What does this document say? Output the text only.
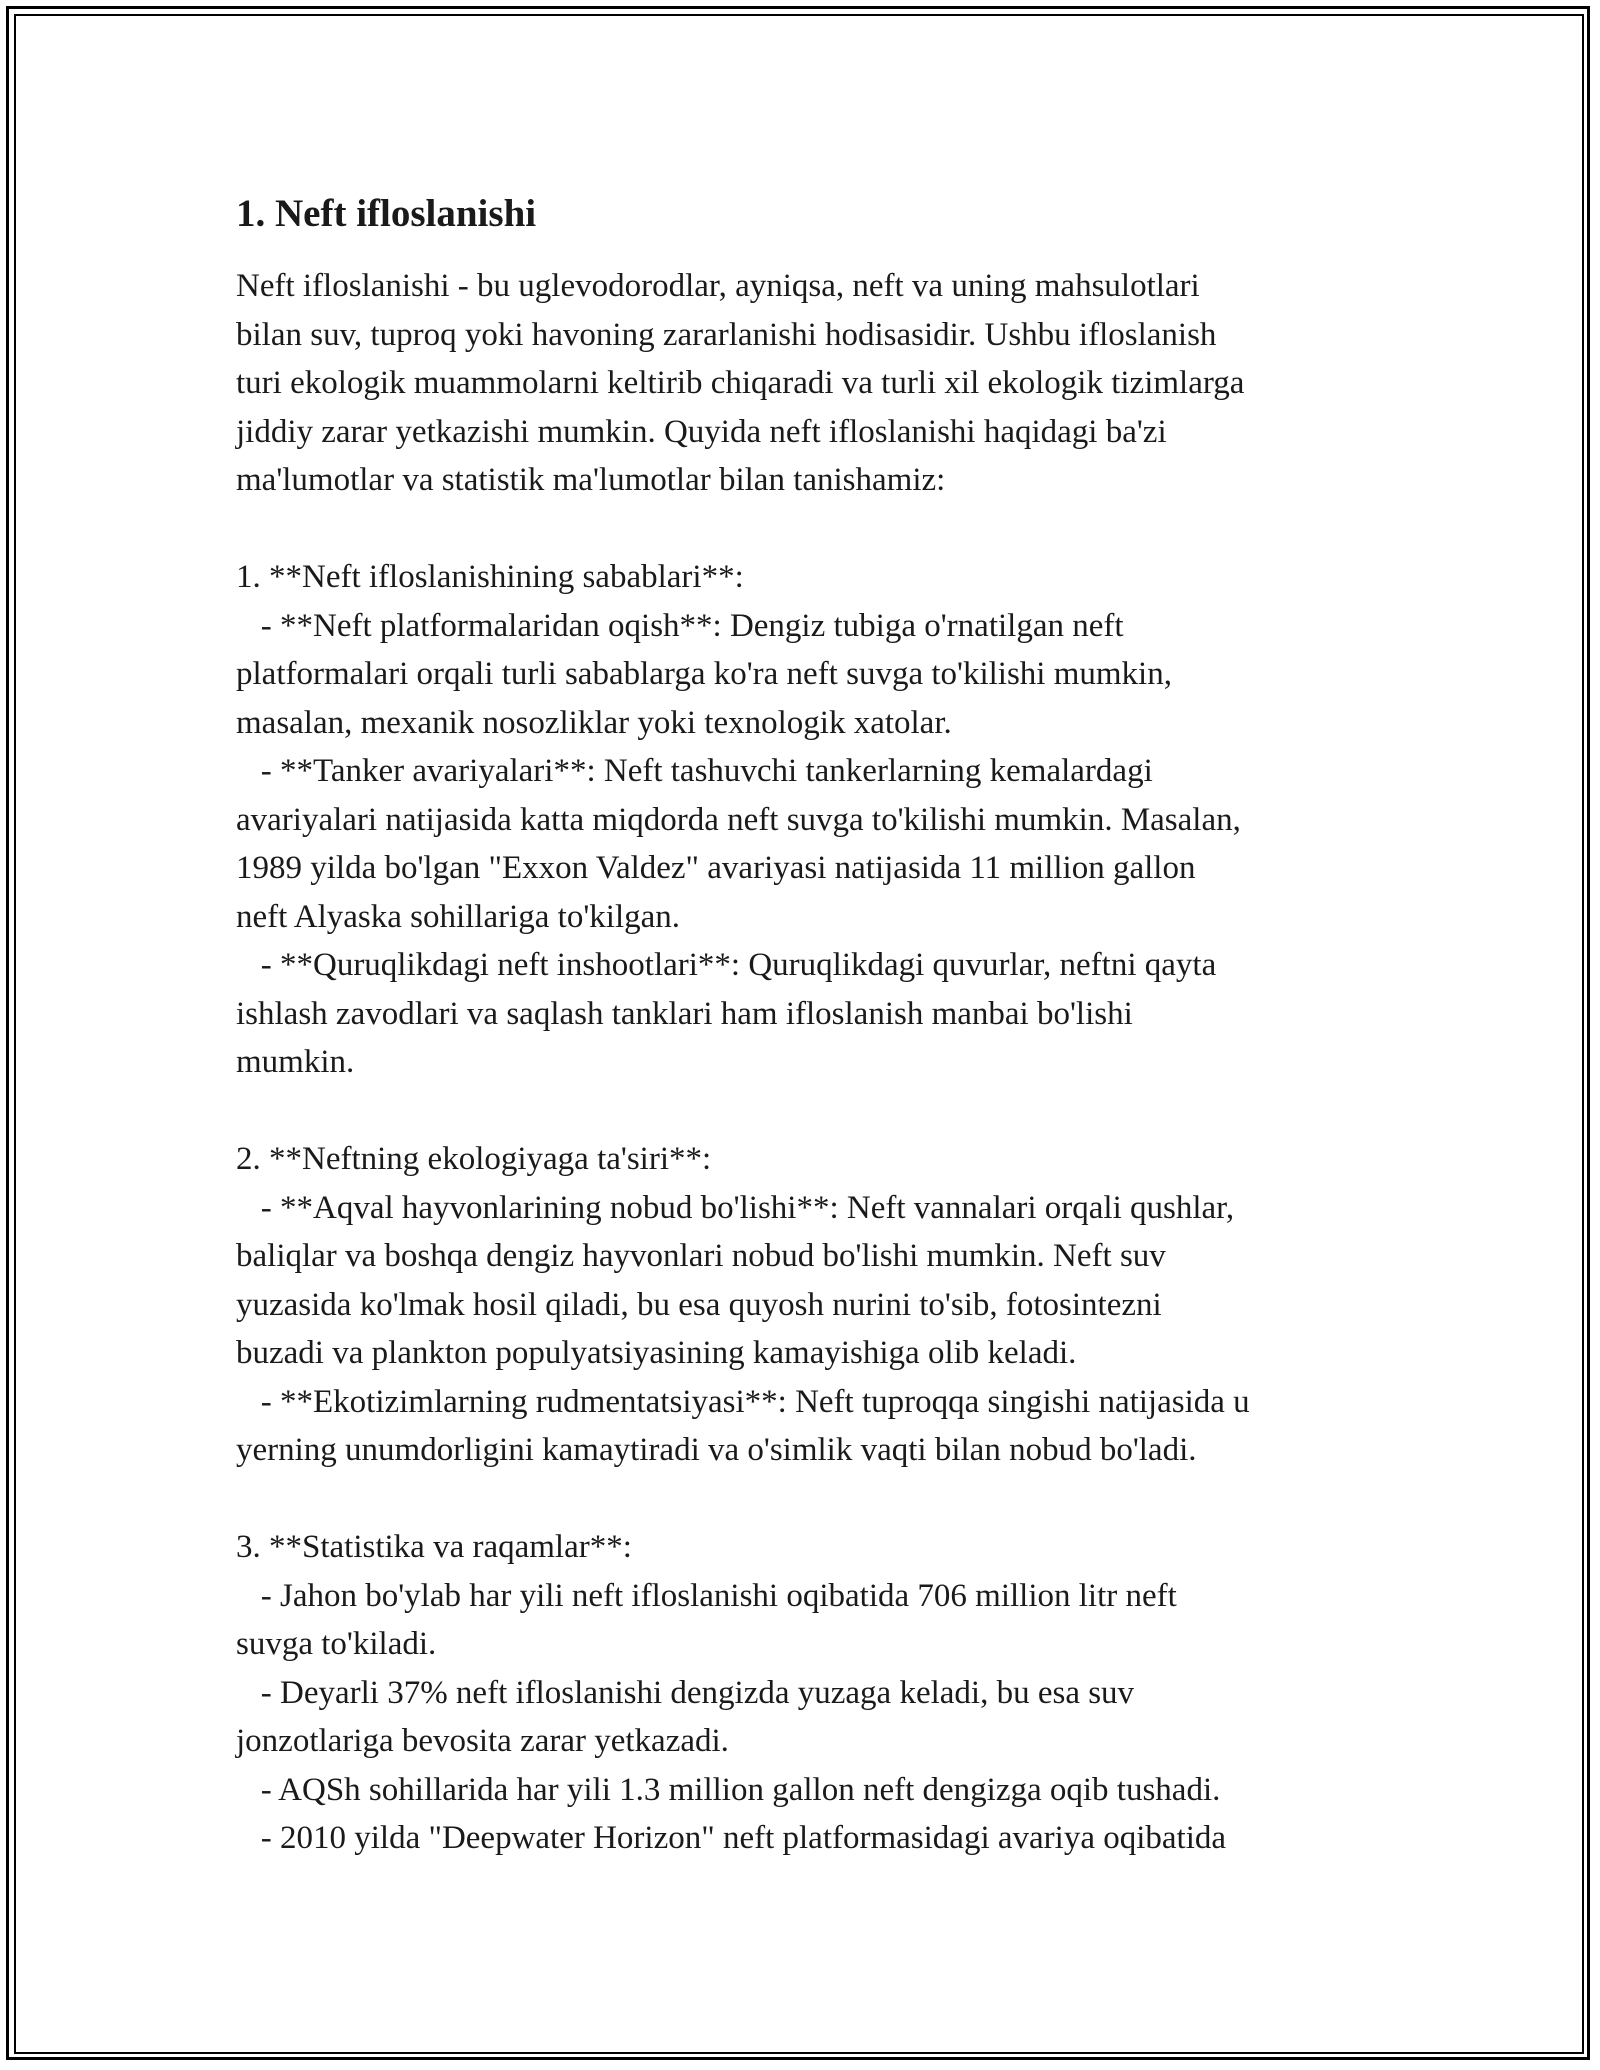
1. Neft ifloslanishi
Neft ifloslanishi - bu uglevodorodlar, ayniqsa, neft va uning mahsulotlari
bilan suv, tuproq yoki havoning zararlanishi hodisasidir. Ushbu ifloslanish
turi ekologik muammolarni keltirib chiqaradi va turli xil ekologik tizimlarga
jiddiy zarar yetkazishi mumkin. Quyida neft ifloslanishi haqidagi ba'zi
ma'lumotlar va statistik ma'lumotlar bilan tanishamiz:
1. **Neft ifloslanishining sabablari**:
- **Neft platformalaridan oqish**: Dengiz tubiga o'rnatilgan neft
platformalari orqali turli sabablarga ko'ra neft suvga to'kilishi mumkin,
masalan, mexanik nosozliklar yoki texnologik xatolar.
- **Tanker avariyalari**: Neft tashuvchi tankerlarning kemalardagi
avariyalari natijasida katta miqdorda neft suvga to'kilishi mumkin. Masalan,
1989 yilda bo'lgan "Exxon Valdez" avariyasi natijasida 11 million gallon
neft Alyaska sohillariga to'kilgan.
- **Quruqlikdagi neft inshootlari**: Quruqlikdagi quvurlar, neftni qayta
ishlash zavodlari va saqlash tanklari ham ifloslanish manbai bo'lishi
mumkin.
2. **Neftning ekologiyaga ta'siri**:
- **Aqval hayvonlarining nobud bo'lishi**: Neft vannalari orqali qushlar,
baliqlar va boshqa dengiz hayvonlari nobud bo'lishi mumkin. Neft suv
yuzasida ko'lmak hosil qiladi, bu esa quyosh nurini to'sib, fotosintezni
buzadi va plankton populyatsiyasining kamayishiga olib keladi.
- **Ekotizimlarning rudmentatsiyasi**: Neft tuproqqa singishi natijasida u
yerning unumdorligini kamaytiradi va o'simlik vaqti bilan nobud bo'ladi.
3. **Statistika va raqamlar**:
- Jahon bo'ylab har yili neft ifloslanishi oqibatida 706 million litr neft
suvga to'kiladi.
- Deyarli 37% neft ifloslanishi dengizda yuzaga keladi, bu esa suv
jonzotlariga bevosita zarar yetkazadi.
- AQSh sohillarida har yili 1.3 million gallon neft dengizga oqib tushadi.
- 2010 yilda "Deepwater Horizon" neft platformasidagi avariya oqibatida
